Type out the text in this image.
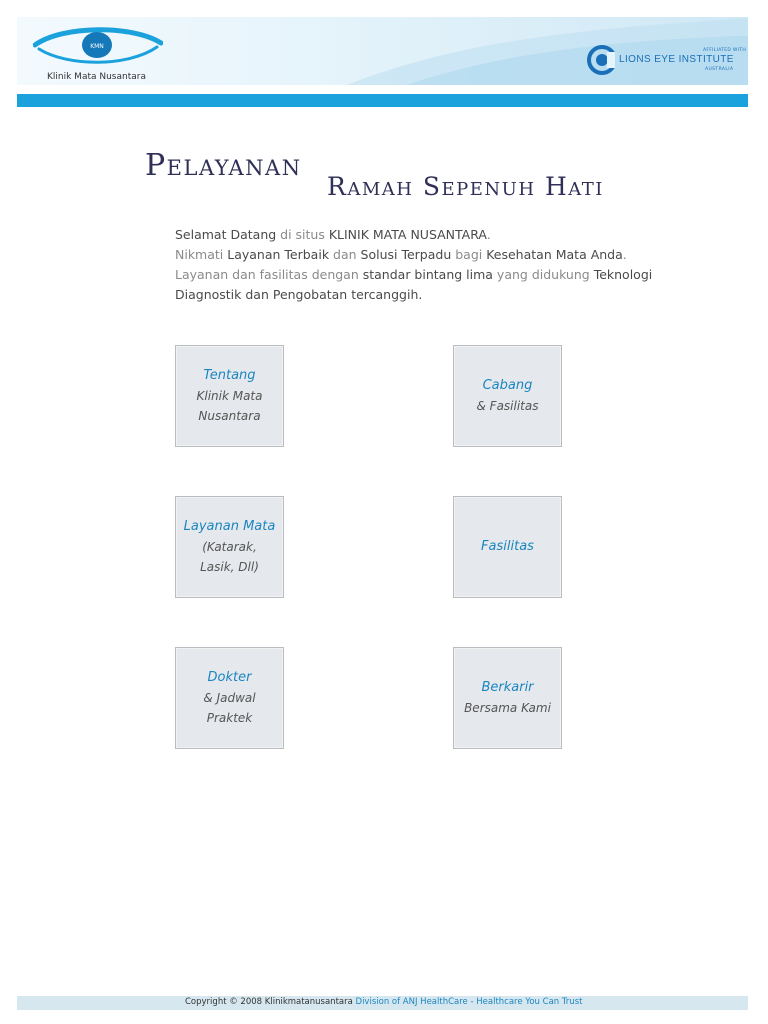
KMN
Klinik Mata Nusantara
AFFILIATED WITH
LIONS EYE INSTITUTE
AUSTRALIA
Pelayanan
Ramah Sepenuh Hati
Selamat Datang di situs KLINIK MATA NUSANTARA.
Nikmati Layanan Terbaik dan Solusi Terpadu bagi Kesehatan Mata Anda.
Layanan dan fasilitas dengan standar bintang lima yang didukung Teknologi Diagnostik dan Pengobatan tercanggih.
Tentang
Klinik Mata
Nusantara
Cabang
& Fasilitas
Layanan Mata
(Katarak,
Lasik, Dll)
Fasilitas
Dokter
& Jadwal
Praktek
Berkarir
Bersama Kami
Copyright © 2008 Klinikmatanusantara Division of ANJ HealthCare - Healthcare You Can Trust
